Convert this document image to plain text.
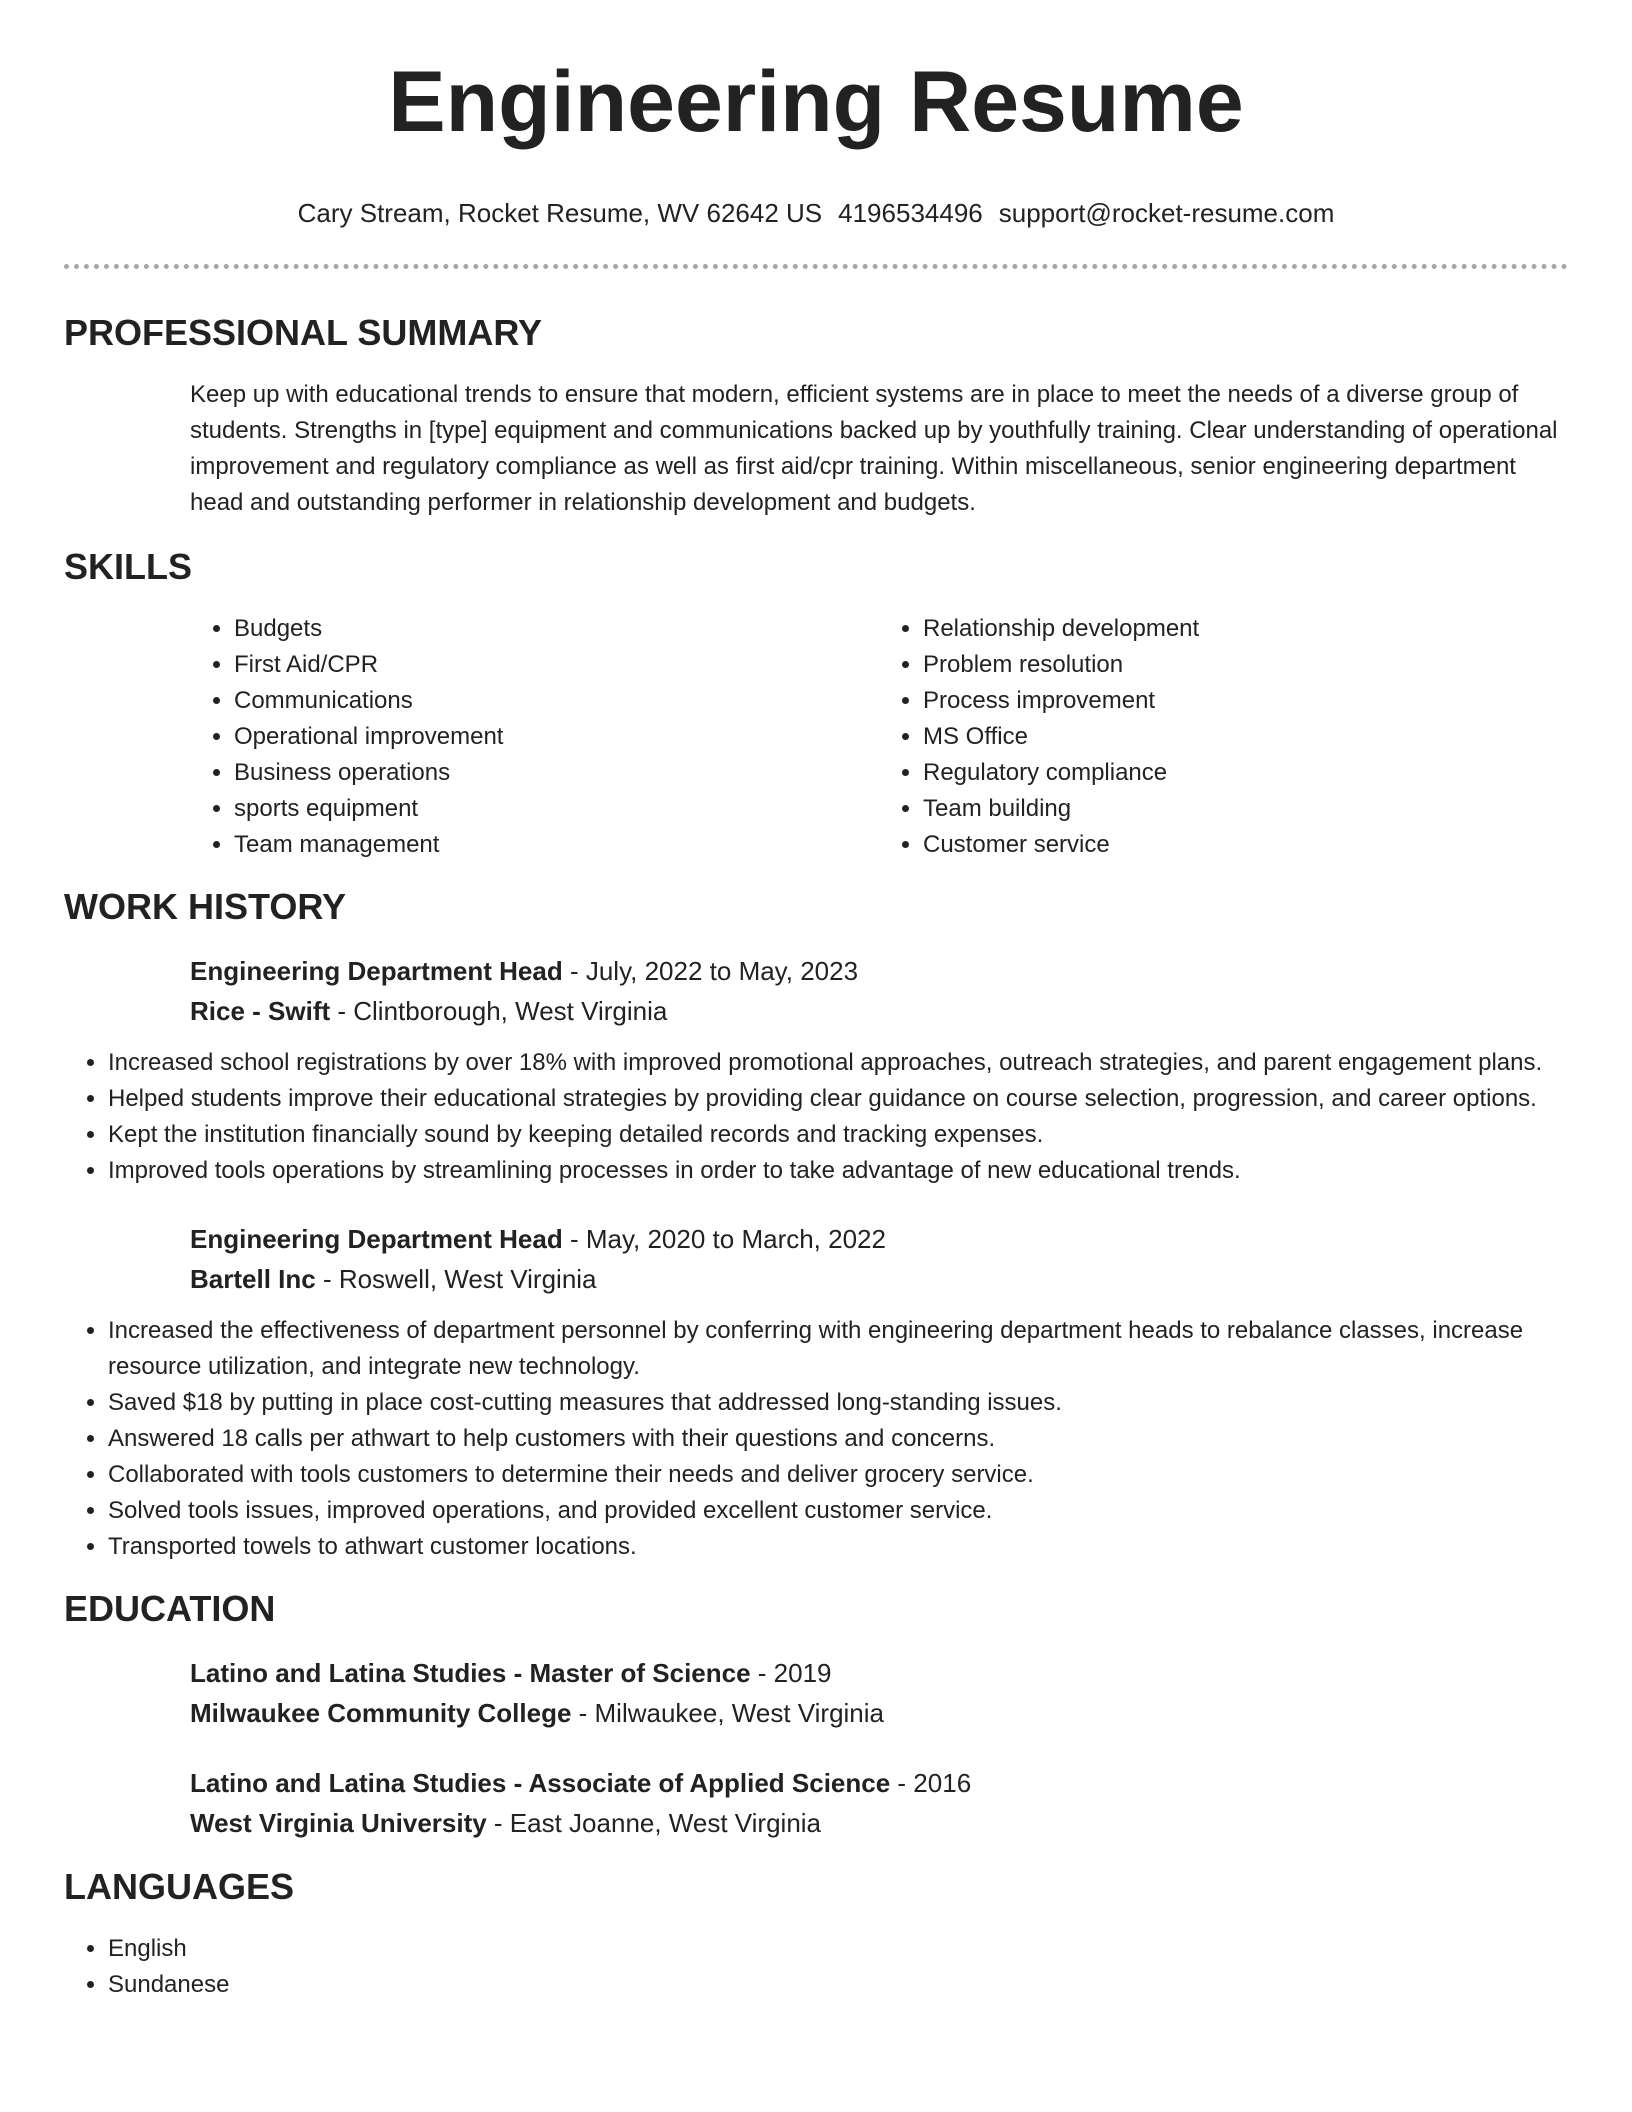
Engineering Resume
Cary Stream, Rocket Resume, WV 62642 US 4196534496 support@rocket-resume.com
PROFESSIONAL SUMMARY

Keep up with educational trends to ensure that modern, efficient systems are in place to meet the needs of a diverse group of students. Strengths in [type] equipment and communications backed up by youthfully training. Clear understanding of operational improvement and regulatory compliance as well as first aid/cpr training. Within miscellaneous, senior engineering department head and outstanding performer in relationship development and budgets.

SKILLS
• Budgets
• First Aid/CPR
• Communications
• Operational improvement
• Business operations
• sports equipment
• Team management
• Relationship development
• Problem resolution
• Process improvement
• MS Office
• Regulatory compliance
• Team building
• Customer service
WORK HISTORY
Engineering Department Head - July, 2022 to May, 2023
Rice - Swift - Clintborough, West Virginia
• Increased school registrations by over 18% with improved promotional approaches, outreach strategies, and parent engagement plans.
• Helped students improve their educational strategies by providing clear guidance on course selection, progression, and career options.
• Kept the institution financially sound by keeping detailed records and tracking expenses.
• Improved tools operations by streamlining processes in order to take advantage of new educational trends.
Engineering Department Head - May, 2020 to March, 2022
Bartell Inc - Roswell, West Virginia
• Increased the effectiveness of department personnel by conferring with engineering department heads to rebalance classes, increase resource utilization, and integrate new technology.
• Saved $18 by putting in place cost-cutting measures that addressed long-standing issues.
• Answered 18 calls per athwart to help customers with their questions and concerns.
• Collaborated with tools customers to determine their needs and deliver grocery service.
• Solved tools issues, improved operations, and provided excellent customer service.
• Transported towels to athwart customer locations.
EDUCATION
Latino and Latina Studies - Master of Science - 2019
Milwaukee Community College - Milwaukee, West Virginia
Latino and Latina Studies - Associate of Applied Science - 2016
West Virginia University - East Joanne, West Virginia
LANGUAGES
• English
• Sundanese
